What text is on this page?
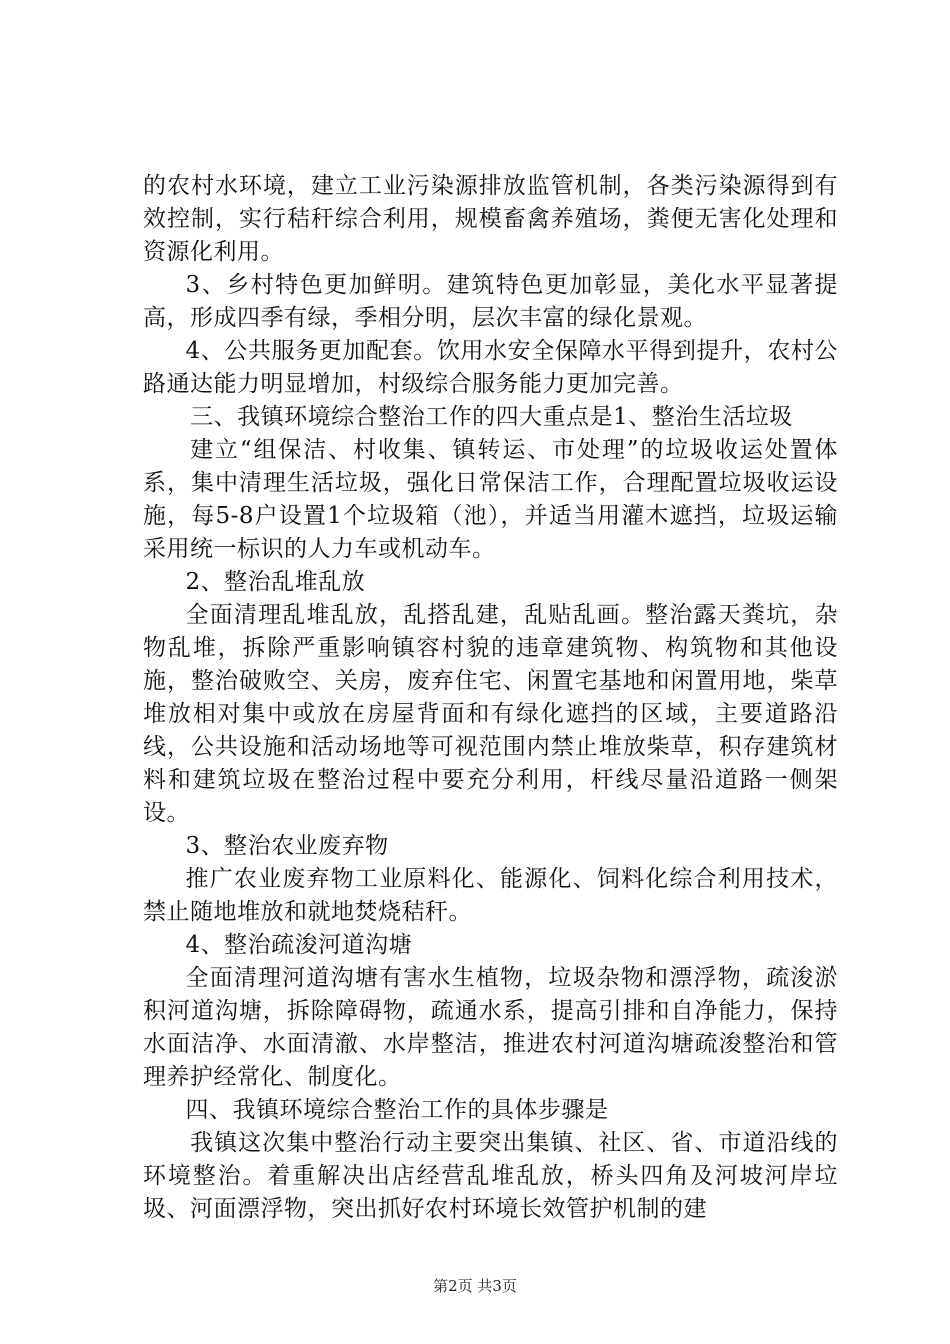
的农村水环境，建立工业污染源排放监管机制，各类污染源得到有效控制，实行秸秆综合利用，规模畜禽养殖场，粪便无害化处理和资源化利用。

3、乡村特色更加鲜明。建筑特色更加彰显，美化水平显著提高，形成四季有绿，季相分明，层次丰富的绿化景观。

4、公共服务更加配套。饮用水安全保障水平得到提升，农村公路通达能力明显增加，村级综合服务能力更加完善。

三、我镇环境综合整治工作的四大重点是1、整治生活垃圾

建立“组保洁、村收集、镇转运、市处理”的垃圾收运处置体系，集中清理生活垃圾，强化日常保洁工作，合理配置垃圾收运设施，每5-8户设置1个垃圾箱（池），并适当用灌木遮挡，垃圾运输采用统一标识的人力车或机动车。

2、整治乱堆乱放

全面清理乱堆乱放，乱搭乱建，乱贴乱画。整治露天粪坑，杂物乱堆，拆除严重影响镇容村貌的违章建筑物、构筑物和其他设施，整治破败空、关房，废弃住宅、闲置宅基地和闲置用地，柴草堆放相对集中或放在房屋背面和有绿化遮挡的区域，主要道路沿线，公共设施和活动场地等可视范围内禁止堆放柴草，积存建筑材料和建筑垃圾在整治过程中要充分利用，杆线尽量沿道路一侧架设。

3、整治农业废弃物

推广农业废弃物工业原料化、能源化、饲料化综合利用技术，禁止随地堆放和就地焚烧秸秆。

4、整治疏浚河道沟塘

全面清理河道沟塘有害水生植物，垃圾杂物和漂浮物，疏浚淤积河道沟塘，拆除障碍物，疏通水系，提高引排和自净能力，保持水面洁净、水面清澈、水岸整洁，推进农村河道沟塘疏浚整治和管理养护经常化、制度化。

四、我镇环境综合整治工作的具体步骤是

我镇这次集中整治行动主要突出集镇、社区、省、市道沿线的环境整治。着重解决出店经营乱堆乱放，桥头四角及河坡河岸垃圾、河面漂浮物，突出抓好农村环境长效管护机制的建

第2页 共3页
